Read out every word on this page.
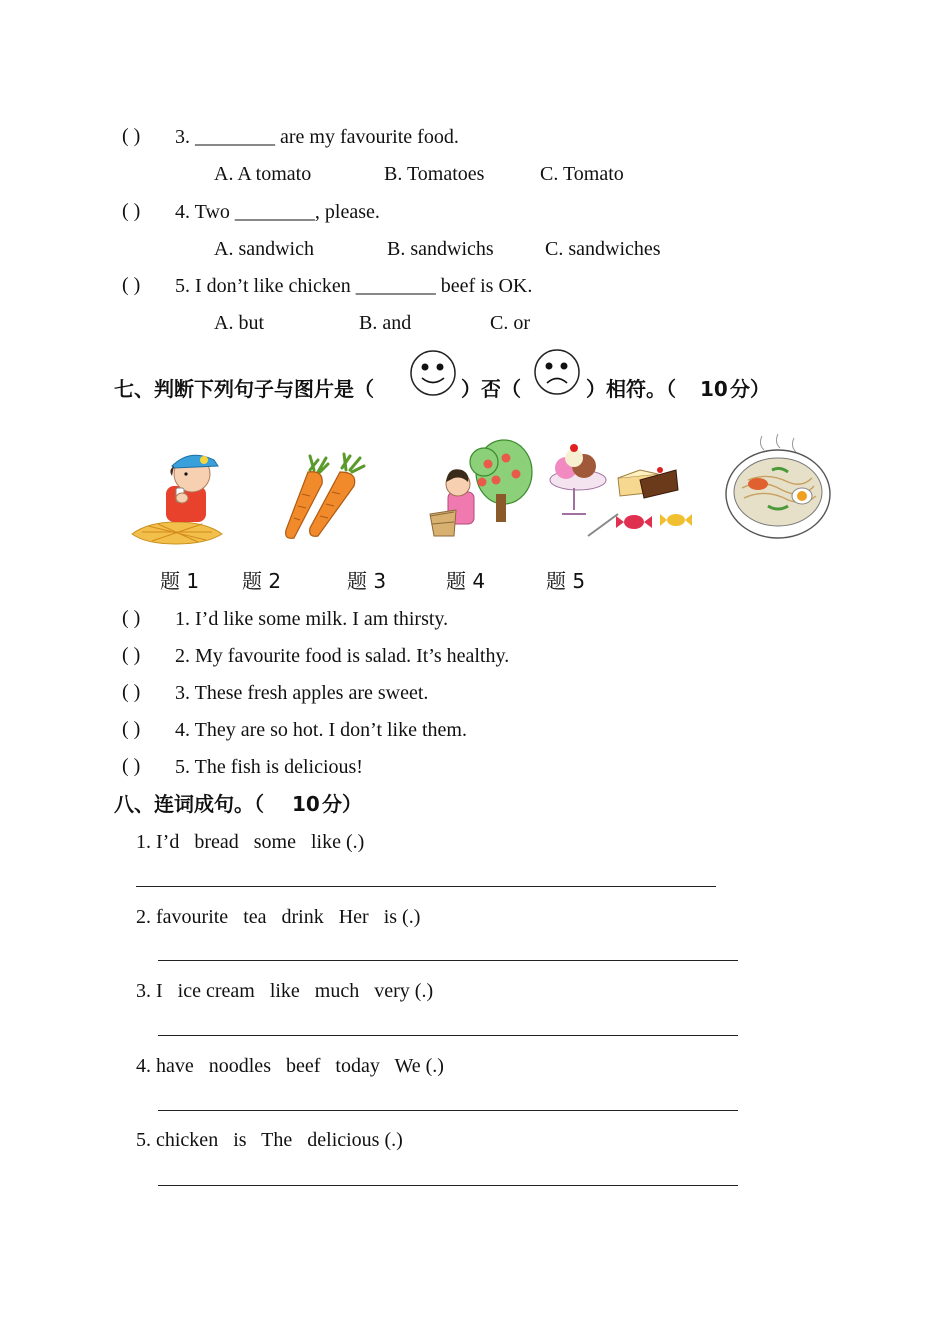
( ) 3. ________ are my favourite food.
A. A tomato	B. Tomatoes	C. Tomato
( ) 4. Two ________, please.
A. sandwich	B. sandwichs	C. sandwiches
( ) 5. I don’t like chicken ________ beef is OK.
A. but	B. and	C. or
七、判断下列句子与图片是（	）否（	）相符。（ 10
分）
题 1 题 2	题 3	题 4	题 5
( ) 1. I’d like some milk. I am thirsty.
( ) 2. My favourite food is salad. It’s healthy.
( ) 3. These fresh apples are sweet.
( ) 4. They are so hot. I don’t like them.
( ) 5. The fish is delicious!
八、连词成句。（ 10
分）
1. I’d   bread   some   like (.)
2. favourite   tea   drink   Her   is (.)
3. I   ice cream   like   much   very (.)
4. have   noodles   beef   today   We (.)
5. chicken   is   The   delicious (.)
